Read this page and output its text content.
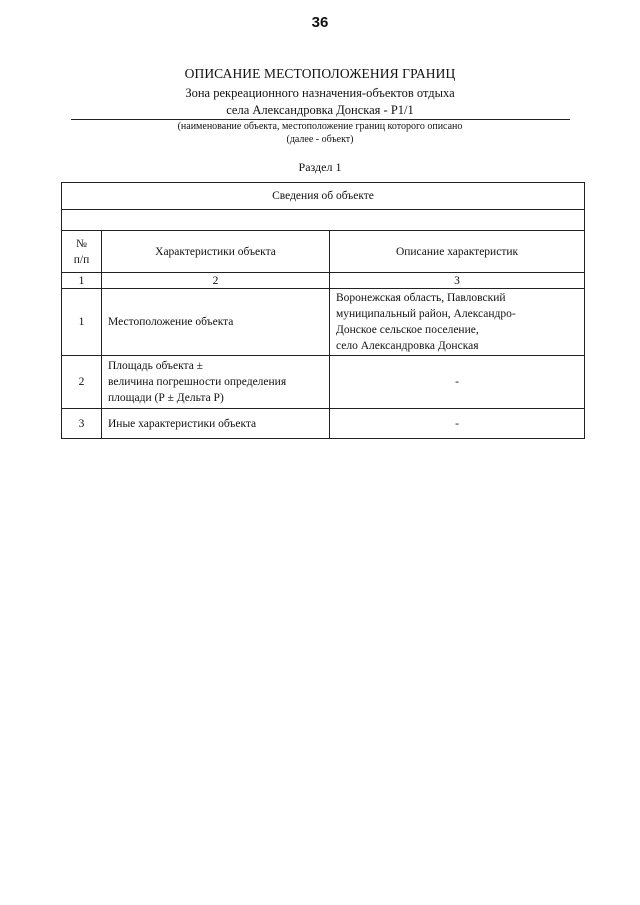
36
ОПИСАНИЕ МЕСТОПОЛОЖЕНИЯ ГРАНИЦ
Зона рекреационного назначения-объектов отдыха
села Александровка Донская - Р1/1
(наименование объекта, местоположение границ которого описано
(далее - объект)
Раздел 1
Сведения об объекте		

№
п/п	Характеристики объекта	Описание характеристик
1	2	3
1	Местоположение объекта	Воронежская область, Павловский
муниципальный район, Александро-
Донское сельское поселение,
село Александровка Донская

2	Площадь объекта ±
величина погрешности определения
площади (Р ± Дельта Р)	-

3	Иные характеристики объекта	-
